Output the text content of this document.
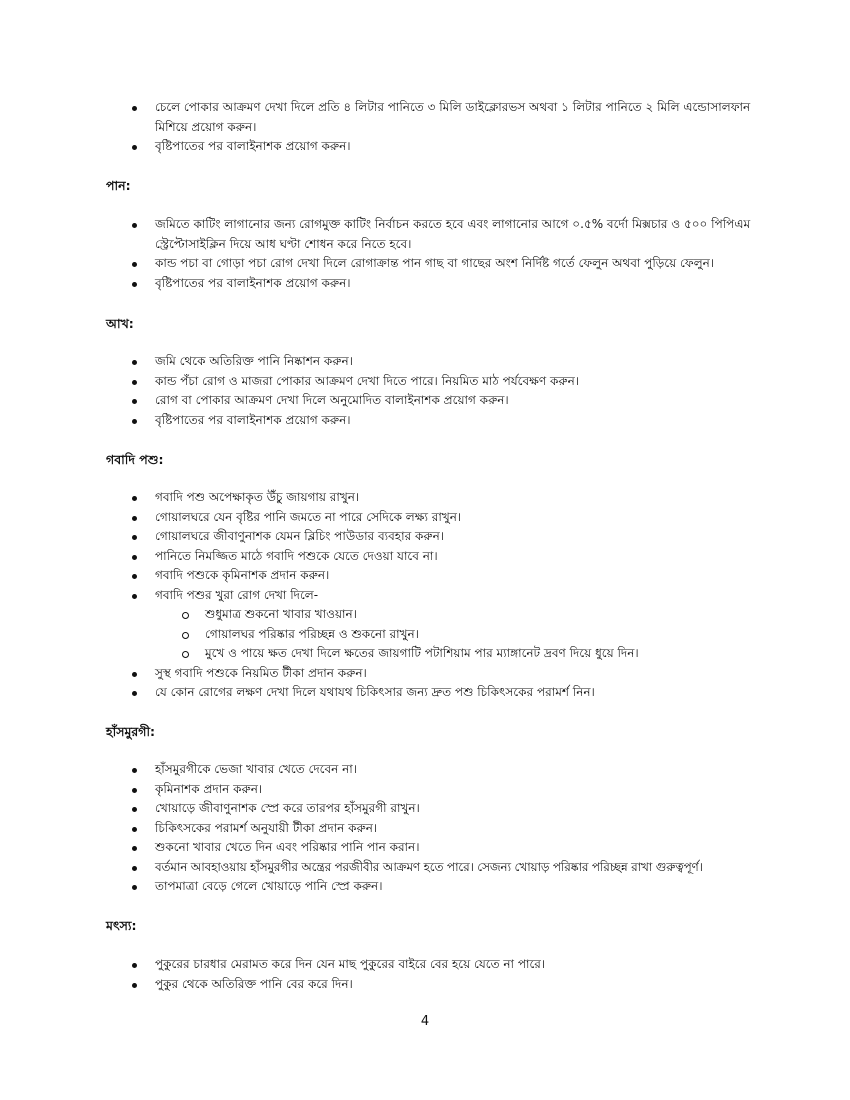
চেলে পোকার আক্রমণ দেখা দিলে প্রতি ৪ লিটার পানিতে ৩ মিলি ডাইক্লোরভস অথবা ১ লিটার পানিতে ২ মিলি এন্ডোসালফান মিশিয়ে প্রয়োগ করুন।
বৃষ্টিপাতের পর বালাইনাশক প্রয়োগ করুন।
পান:
জমিতে কাটিং লাগানোর জন্য রোগমুক্ত কাটিং নির্বাচন করতে হবে এবং লাগানোর আগে ০.৫% বর্দো মিক্সচার ও ৫০০ পিপিএম স্ট্রেপ্টোসাইক্লিন দিয়ে আধ ঘণ্টা শোধন করে নিতে হবে।
কান্ড পচা বা গোড়া পচা রোগ দেখা দিলে রোগাক্রান্ত পান গাছ বা গাছের অংশ নির্দিষ্ট গর্তে ফেলুন অথবা পুড়িয়ে ফেলুন।
বৃষ্টিপাতের পর বালাইনাশক প্রয়োগ করুন।
আখ:
জমি থেকে অতিরিক্ত পানি নিষ্কাশন করুন।
কান্ড পঁচা রোগ ও মাজরা পোকার আক্রমণ দেখা দিতে পারে। নিয়মিত মাঠ পর্যবেক্ষণ করুন।
রোগ বা পোকার আক্রমণ দেখা দিলে অনুমোদিত বালাইনাশক প্রয়োগ করুন।
বৃষ্টিপাতের পর বালাইনাশক প্রয়োগ করুন।
গবাদি পশু:
গবাদি পশু অপেক্ষাকৃত উঁচু জায়গায় রাখুন।
গোয়ালঘরে যেন বৃষ্টির পানি জমতে না পারে সেদিকে লক্ষ্য রাখুন।
গোয়ালঘরে জীবাণুনাশক যেমন ব্লিচিং পাউডার ব্যবহার করুন।
পানিতে নিমজ্জিত মাঠে গবাদি পশুকে যেতে দেওয়া যাবে না।
গবাদি পশুকে কৃমিনাশক প্রদান করুন।
গবাদি পশুর খুরা রোগ দেখা দিলে-
শুধুমাত্র শুকনো খাবার খাওয়ান।
গোয়ালঘর পরিষ্কার পরিচ্ছন্ন ও শুকনো রাখুন।
মুখে ও পায়ে ক্ষত দেখা দিলে ক্ষতের জায়গাটি পটাশিয়াম পার ম্যাঙ্গানেট দ্রবণ দিয়ে ধুয়ে দিন।
সুস্থ গবাদি পশুকে নিয়মিত টীকা প্রদান করুন।
যে কোন রোগের লক্ষণ দেখা দিলে যথাযথ চিকিৎসার জন্য দ্রুত পশু চিকিৎসকের পরামর্শ নিন।
হাঁসমুরগী:
হাঁসমুরগীকে ভেজা খাবার খেতে দেবেন না।
কৃমিনাশক প্রদান করুন।
খোয়াড়ে জীবাণুনাশক স্প্রে করে তারপর হাঁসমুরগী রাখুন।
চিকিৎসকের পরামর্শ অনুযায়ী টীকা প্রদান করুন।
শুকনো খাবার খেতে দিন এবং পরিষ্কার পানি পান করান।
বর্তমান আবহাওয়ায় হাঁসমুরগীর অন্ত্রের পরজীবীর আক্রমণ হতে পারে। সেজন্য খোয়াড় পরিষ্কার পরিচ্ছন্ন রাখা গুরুত্বপূর্ণ।
তাপমাত্রা বেড়ে গেলে খোয়াড়ে পানি স্প্রে করুন।
মৎস্য:
পুকুরের চারধার মেরামত করে দিন যেন মাছ পুকুরের বাইরে বের হয়ে যেতে না পারে।
পুকুর থেকে অতিরিক্ত পানি বের করে দিন।
4
